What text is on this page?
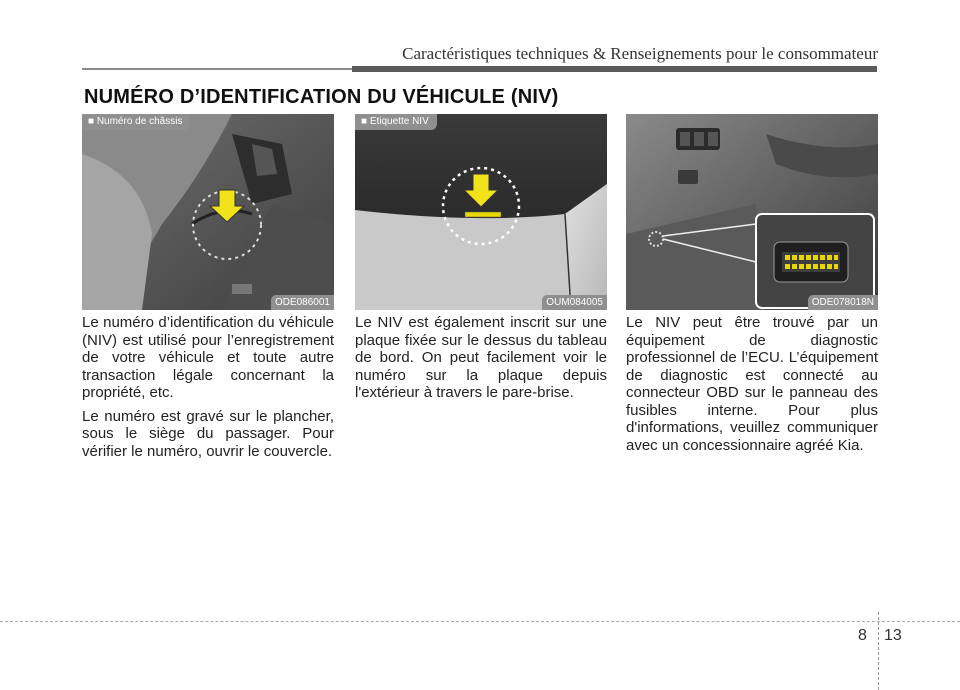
Caractéristiques techniques & Renseignements pour le consommateur
NUMÉRO D’IDENTIFICATION DU VÉHICULE (NIV)
■ Numéro de châssis
ODE086001
■ Etiquette NIV
OUM084005	ODE078018N

Le numéro d’identification du véhicule (NIV) est utilisé pour l’enregistrement de votre véhicule et toute autre transaction légale concernant la propriété, etc.

Le numéro est gravé sur le plancher, sous le siège du passager. Pour vérifier le numéro, ouvrir le couvercle.

Le NIV est également inscrit sur une plaque fixée sur le dessus du tableau de bord. On peut facilement voir le numéro sur la plaque depuis l'extérieur à travers le pare-brise.

Le NIV peut être trouvé par un équipement de diagnostic professionnel de l’ECU. L’équipement de diagnostic est connecté au connecteur OBD sur le panneau des fusibles interne. Pour plus d'informations, veuillez communiquer avec un concessionnaire agréé Kia.

8 13
